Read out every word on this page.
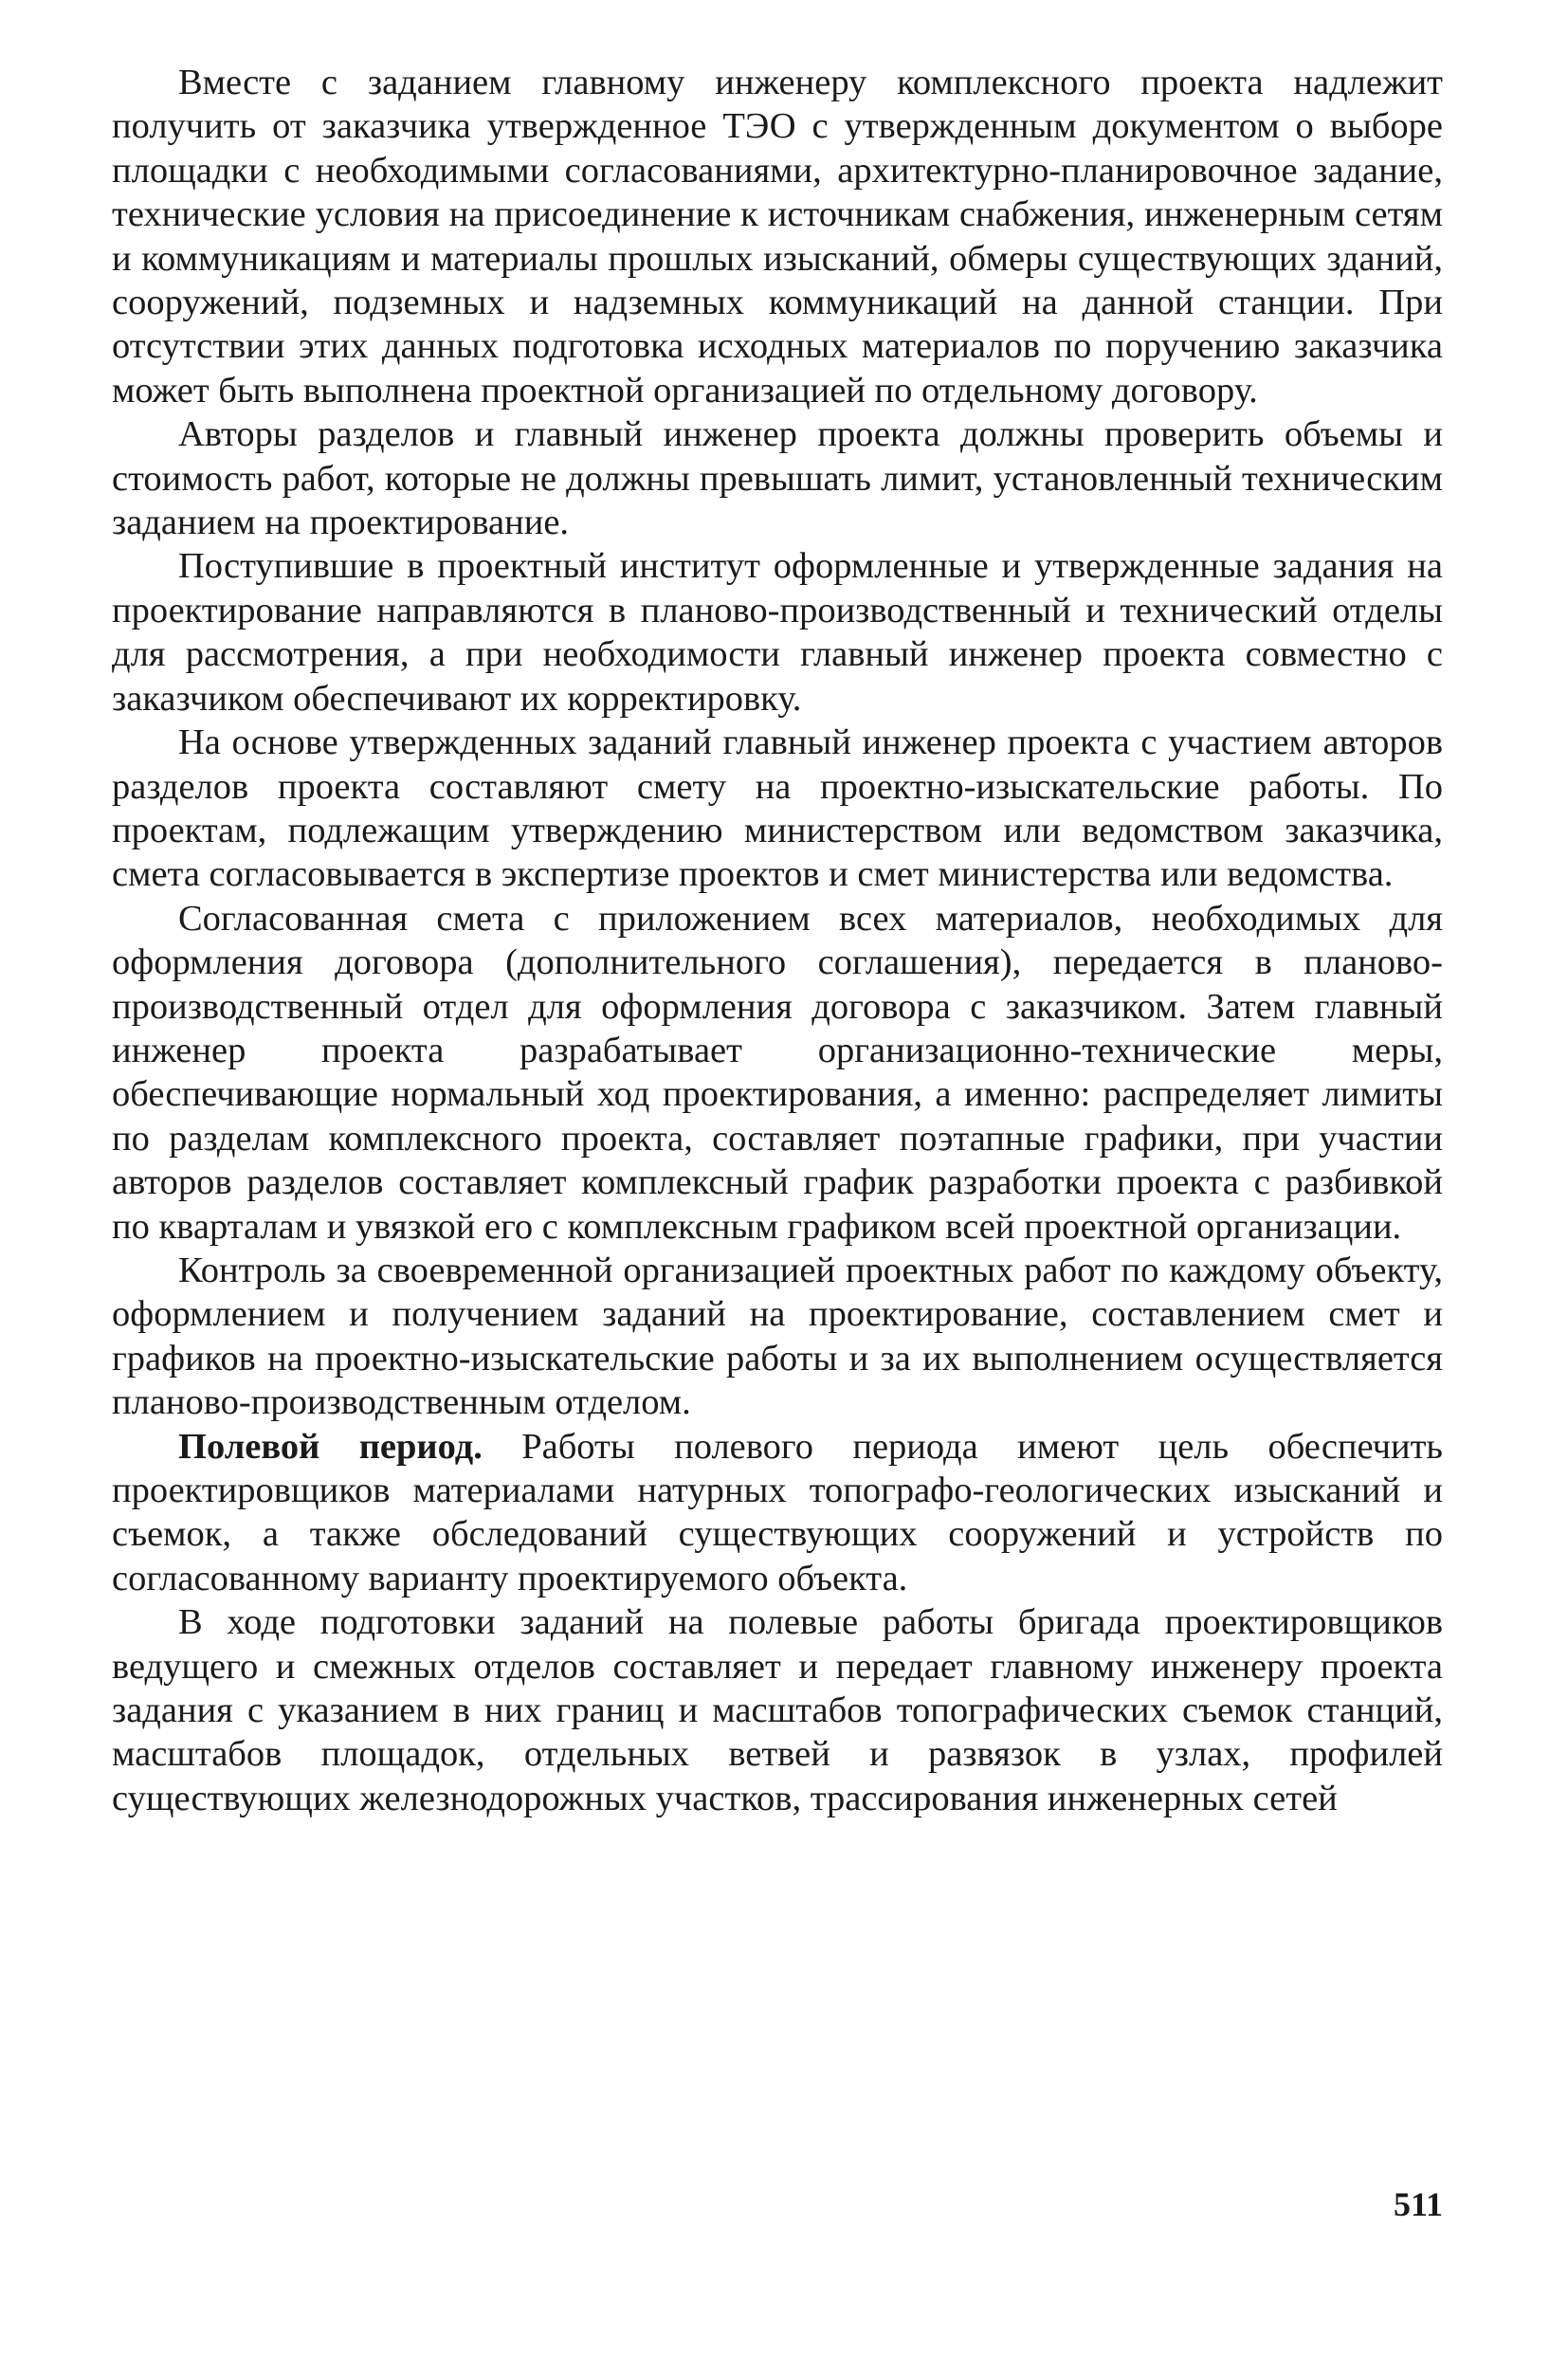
Вместе с заданием главному инженеру комплексного проекта надлежит получить от заказчика утвержденное ТЭО с утвержденным документом о выборе площадки с необходимыми согласованиями, архитектурно-планировочное задание, технические условия на присоединение к источникам снабжения, инженерным сетям и коммуникациям и материалы прошлых изысканий, обмеры существующих зданий, сооружений, подземных и надземных коммуникаций на данной станции. При отсутствии этих данных подготовка исходных материалов по поручению заказчика может быть выполнена проектной организацией по отдельному договору.

Авторы разделов и главный инженер проекта должны проверить объемы и стоимость работ, которые не должны превышать лимит, установленный техническим заданием на проектирование.

Поступившие в проектный институт оформленные и утвержденные задания на проектирование направляются в планово-производственный и технический отделы для рассмотрения, а при необходимости главный инженер проекта совместно с заказчиком обеспечивают их корректировку.

На основе утвержденных заданий главный инженер проекта с участием авторов разделов проекта составляют смету на проектно-изыскательские работы. По проектам, подлежащим утверждению министерством или ведомством заказчика, смета согласовывается в экспертизе проектов и смет министерства или ведомства.

Согласованная смета с приложением всех материалов, необходимых для оформления договора (дополнительного соглашения), передается в планово-производственный отдел для оформления договора с заказчиком. Затем главный инженер проекта разрабатывает организационно-технические меры, обеспечивающие нормальный ход проектирования, а именно: распределяет лимиты по разделам комплексного проекта, составляет поэтапные графики, при участии авторов разделов составляет комплексный график разработки проекта с разбивкой по кварталам и увязкой его с комплексным графиком всей проектной организации.

Контроль за своевременной организацией проектных работ по каждому объекту, оформлением и получением заданий на проектирование, составлением смет и графиков на проектно-изыскательские работы и за их выполнением осуществляется планово-производственным отделом.

Полевой период. Работы полевого периода имеют цель обеспечить проектировщиков материалами натурных топографо-геологических изысканий и съемок, а также обследований существующих сооружений и устройств по согласованному варианту проектируемого объекта.

В ходе подготовки заданий на полевые работы бригада проектировщиков ведущего и смежных отделов составляет и передает главному инженеру проекта задания с указанием в них границ и масштабов топографических съемок станций, масштабов площадок, отдельных ветвей и развязок в узлах, профилей существующих железнодорожных участков, трассирования инженерных сетей

511
